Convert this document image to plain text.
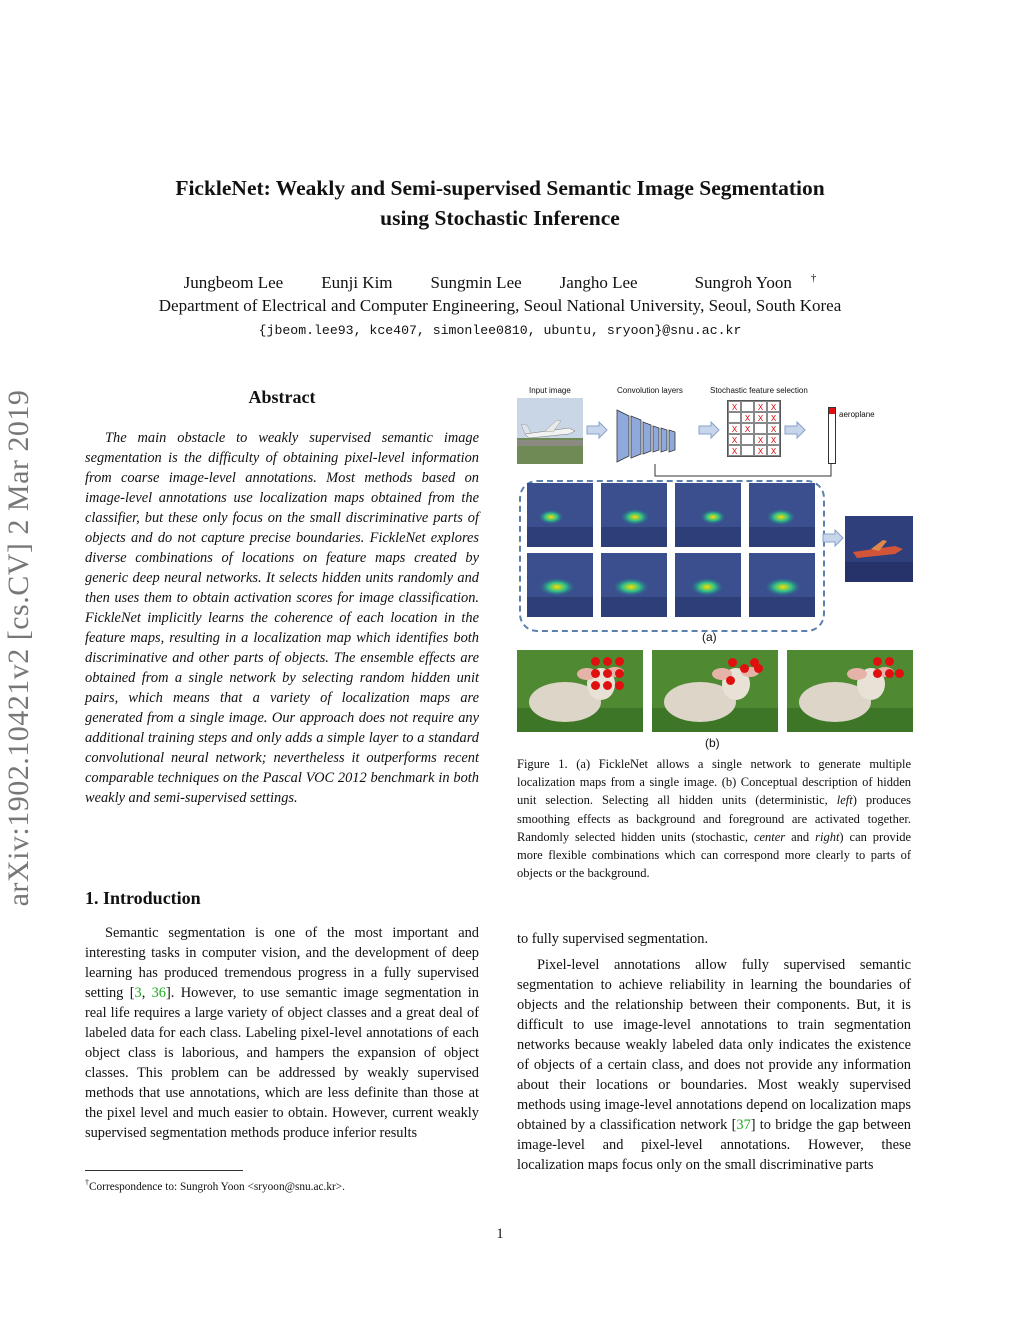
FickleNet: Weakly and Semi-supervised Semantic Image Segmentation
using Stochastic Inference
Jungbeom Lee Eunji Kim Sungmin Lee Jangho Lee	Sungroh Yoon †
Department of Electrical and Computer Engineering, Seoul National University, Seoul, South Korea
{jbeom.lee93, kce407, simonlee0810, ubuntu, sryoon}@snu.ac.kr
arXiv:1902.10421v2 [cs.CV] 2 Mar 2019	Abstract

The main obstacle to weakly supervised semantic image segmentation is the difficulty of obtaining pixel-level information from coarse image-level annotations. Most methods based on image-level annotations use localization maps obtained from the classifier, but these only focus on the small discriminative parts of objects and do not capture precise boundaries. FickleNet explores diverse combinations of locations on feature maps created by generic deep neural networks. It selects hidden units randomly and then uses them to obtain activation scores for image classification. FickleNet implicitly learns the coherence of each location in the feature maps, resulting in a localization map which identifies both discriminative and other parts of objects. The ensemble effects are obtained from a single network by selecting random hidden unit pairs, which means that a variety of localization maps are generated from a single image. Our approach does not require any additional training steps and only adds a simple layer to a standard convolutional neural network; nevertheless it outperforms recent comparable techniques on the Pascal VOC 2012 benchmark in both weakly and semi-supervised settings.

1. Introduction

Semantic segmentation is one of the most important and interesting tasks in computer vision, and the development of deep learning has produced tremendous progress in a fully supervised setting [3, 36]. However, to use semantic image segmentation in real life requires a large variety of object classes and a great deal of labeled data for each class. Labeling pixel-level annotations of each object class is laborious, and hampers the expansion of object classes. This problem can be addressed by weakly supervised methods that use annotations, which are less definite than those at the pixel level and much easier to obtain. However, current weakly supervised segmentation methods produce inferior results

†Correspondence to: Sungroh Yoon <sryoon@snu.ac.kr>.

to fully supervised segmentation.

Pixel-level annotations allow fully supervised semantic segmentation to achieve reliability in learning the boundaries of objects and the relationship between their components. But, it is difficult to use image-level annotations to train segmentation networks because weakly labeled data only indicates the existence of objects of a certain class, and does not provide any information about their locations or boundaries. Most weakly supervised methods using image-level annotations depend on localization maps obtained by a classification network [37] to bridge the gap between image-level and pixel-level annotations. However, these localization maps focus only on the small discriminative parts

Input image	Convolution layers	Stochastic feature selection
X	X X
X X X
X X	X
X	X X
X	X X
aeroplane
(a)
(b)

Figure 1. (a) FickleNet allows a single network to generate multiple localization maps from a single image. (b) Conceptual description of hidden unit selection. Selecting all hidden units (deterministic, left) produces smoothing effects as background and foreground are activated together. Randomly selected hidden units (stochastic, center and right) can provide more flexible combinations which can correspond more clearly to parts of objects or the background.

1
